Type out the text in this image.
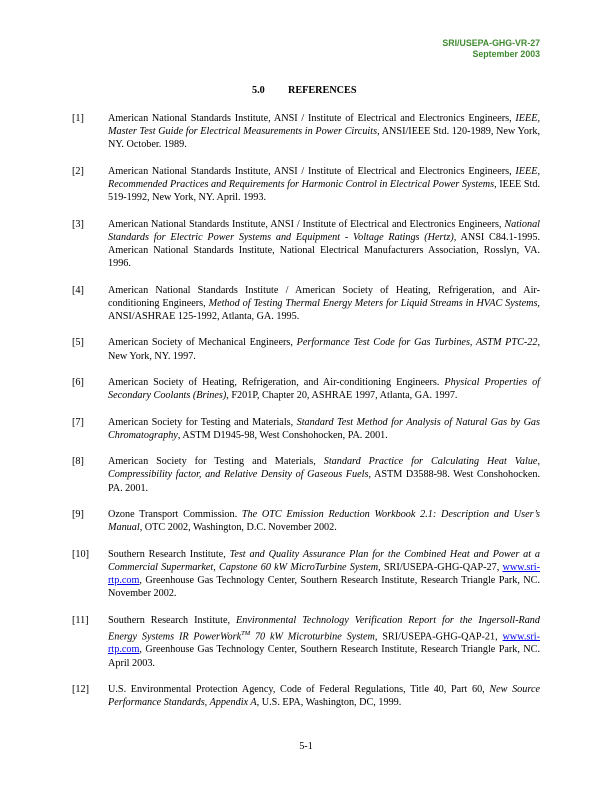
SRI/USEPA-GHG-VR-27
September 2003
5.0 REFERENCES
[1]	American National Standards Institute, ANSI / Institute of Electrical and Electronics Engineers, IEEE, Master Test Guide for Electrical Measurements in Power Circuits, ANSI/IEEE Std. 120-1989, New York, NY. October. 1989.
[2]	American National Standards Institute, ANSI / Institute of Electrical and Electronics Engineers, IEEE, Recommended Practices and Requirements for Harmonic Control in Electrical Power Systems, IEEE Std. 519-1992, New York, NY. April. 1993.
[3]	American National Standards Institute, ANSI / Institute of Electrical and Electronics Engineers, National Standards for Electric Power Systems and Equipment - Voltage Ratings (Hertz), ANSI C84.1-1995. American National Standards Institute, National Electrical Manufacturers Association, Rosslyn, VA. 1996.
[4]	American National Standards Institute / American Society of Heating, Refrigeration, and Air-conditioning Engineers, Method of Testing Thermal Energy Meters for Liquid Streams in HVAC Systems, ANSI/ASHRAE 125-1992, Atlanta, GA. 1995.
[5]	American Society of Mechanical Engineers, Performance Test Code for Gas Turbines, ASTM PTC-22, New York, NY. 1997.
[6]	American Society of Heating, Refrigeration, and Air-conditioning Engineers. Physical Properties of Secondary Coolants (Brines), F201P, Chapter 20, ASHRAE 1997, Atlanta, GA. 1997.
[7]	American Society for Testing and Materials, Standard Test Method for Analysis of Natural Gas by Gas Chromatography, ASTM D1945-98, West Conshohocken, PA. 2001.
[8]	American Society for Testing and Materials, Standard Practice for Calculating Heat Value, Compressibility factor, and Relative Density of Gaseous Fuels, ASTM D3588-98. West Conshohocken. PA. 2001.
[9]	Ozone Transport Commission. The OTC Emission Reduction Workbook 2.1: Description and User’s Manual, OTC 2002, Washington, D.C. November 2002.
[10]	Southern Research Institute, Test and Quality Assurance Plan for the Combined Heat and Power at a Commercial Supermarket, Capstone 60 kW MicroTurbine System, SRI/USEPA-GHG-QAP-27, www.sri-rtp.com, Greenhouse Gas Technology Center, Southern Research Institute, Research Triangle Park, NC. November 2002.
[11]	Southern Research Institute, Environmental Technology Verification Report for the Ingersoll-Rand Energy Systems IR PowerWork™ 70 kW Microturbine System, SRI/USEPA-GHG-QAP-21, www.sri-rtp.com, Greenhouse Gas Technology Center, Southern Research Institute, Research Triangle Park, NC. April 2003.
[12]	U.S. Environmental Protection Agency, Code of Federal Regulations, Title 40, Part 60, New Source Performance Standards, Appendix A, U.S. EPA, Washington, DC, 1999.
5-1
